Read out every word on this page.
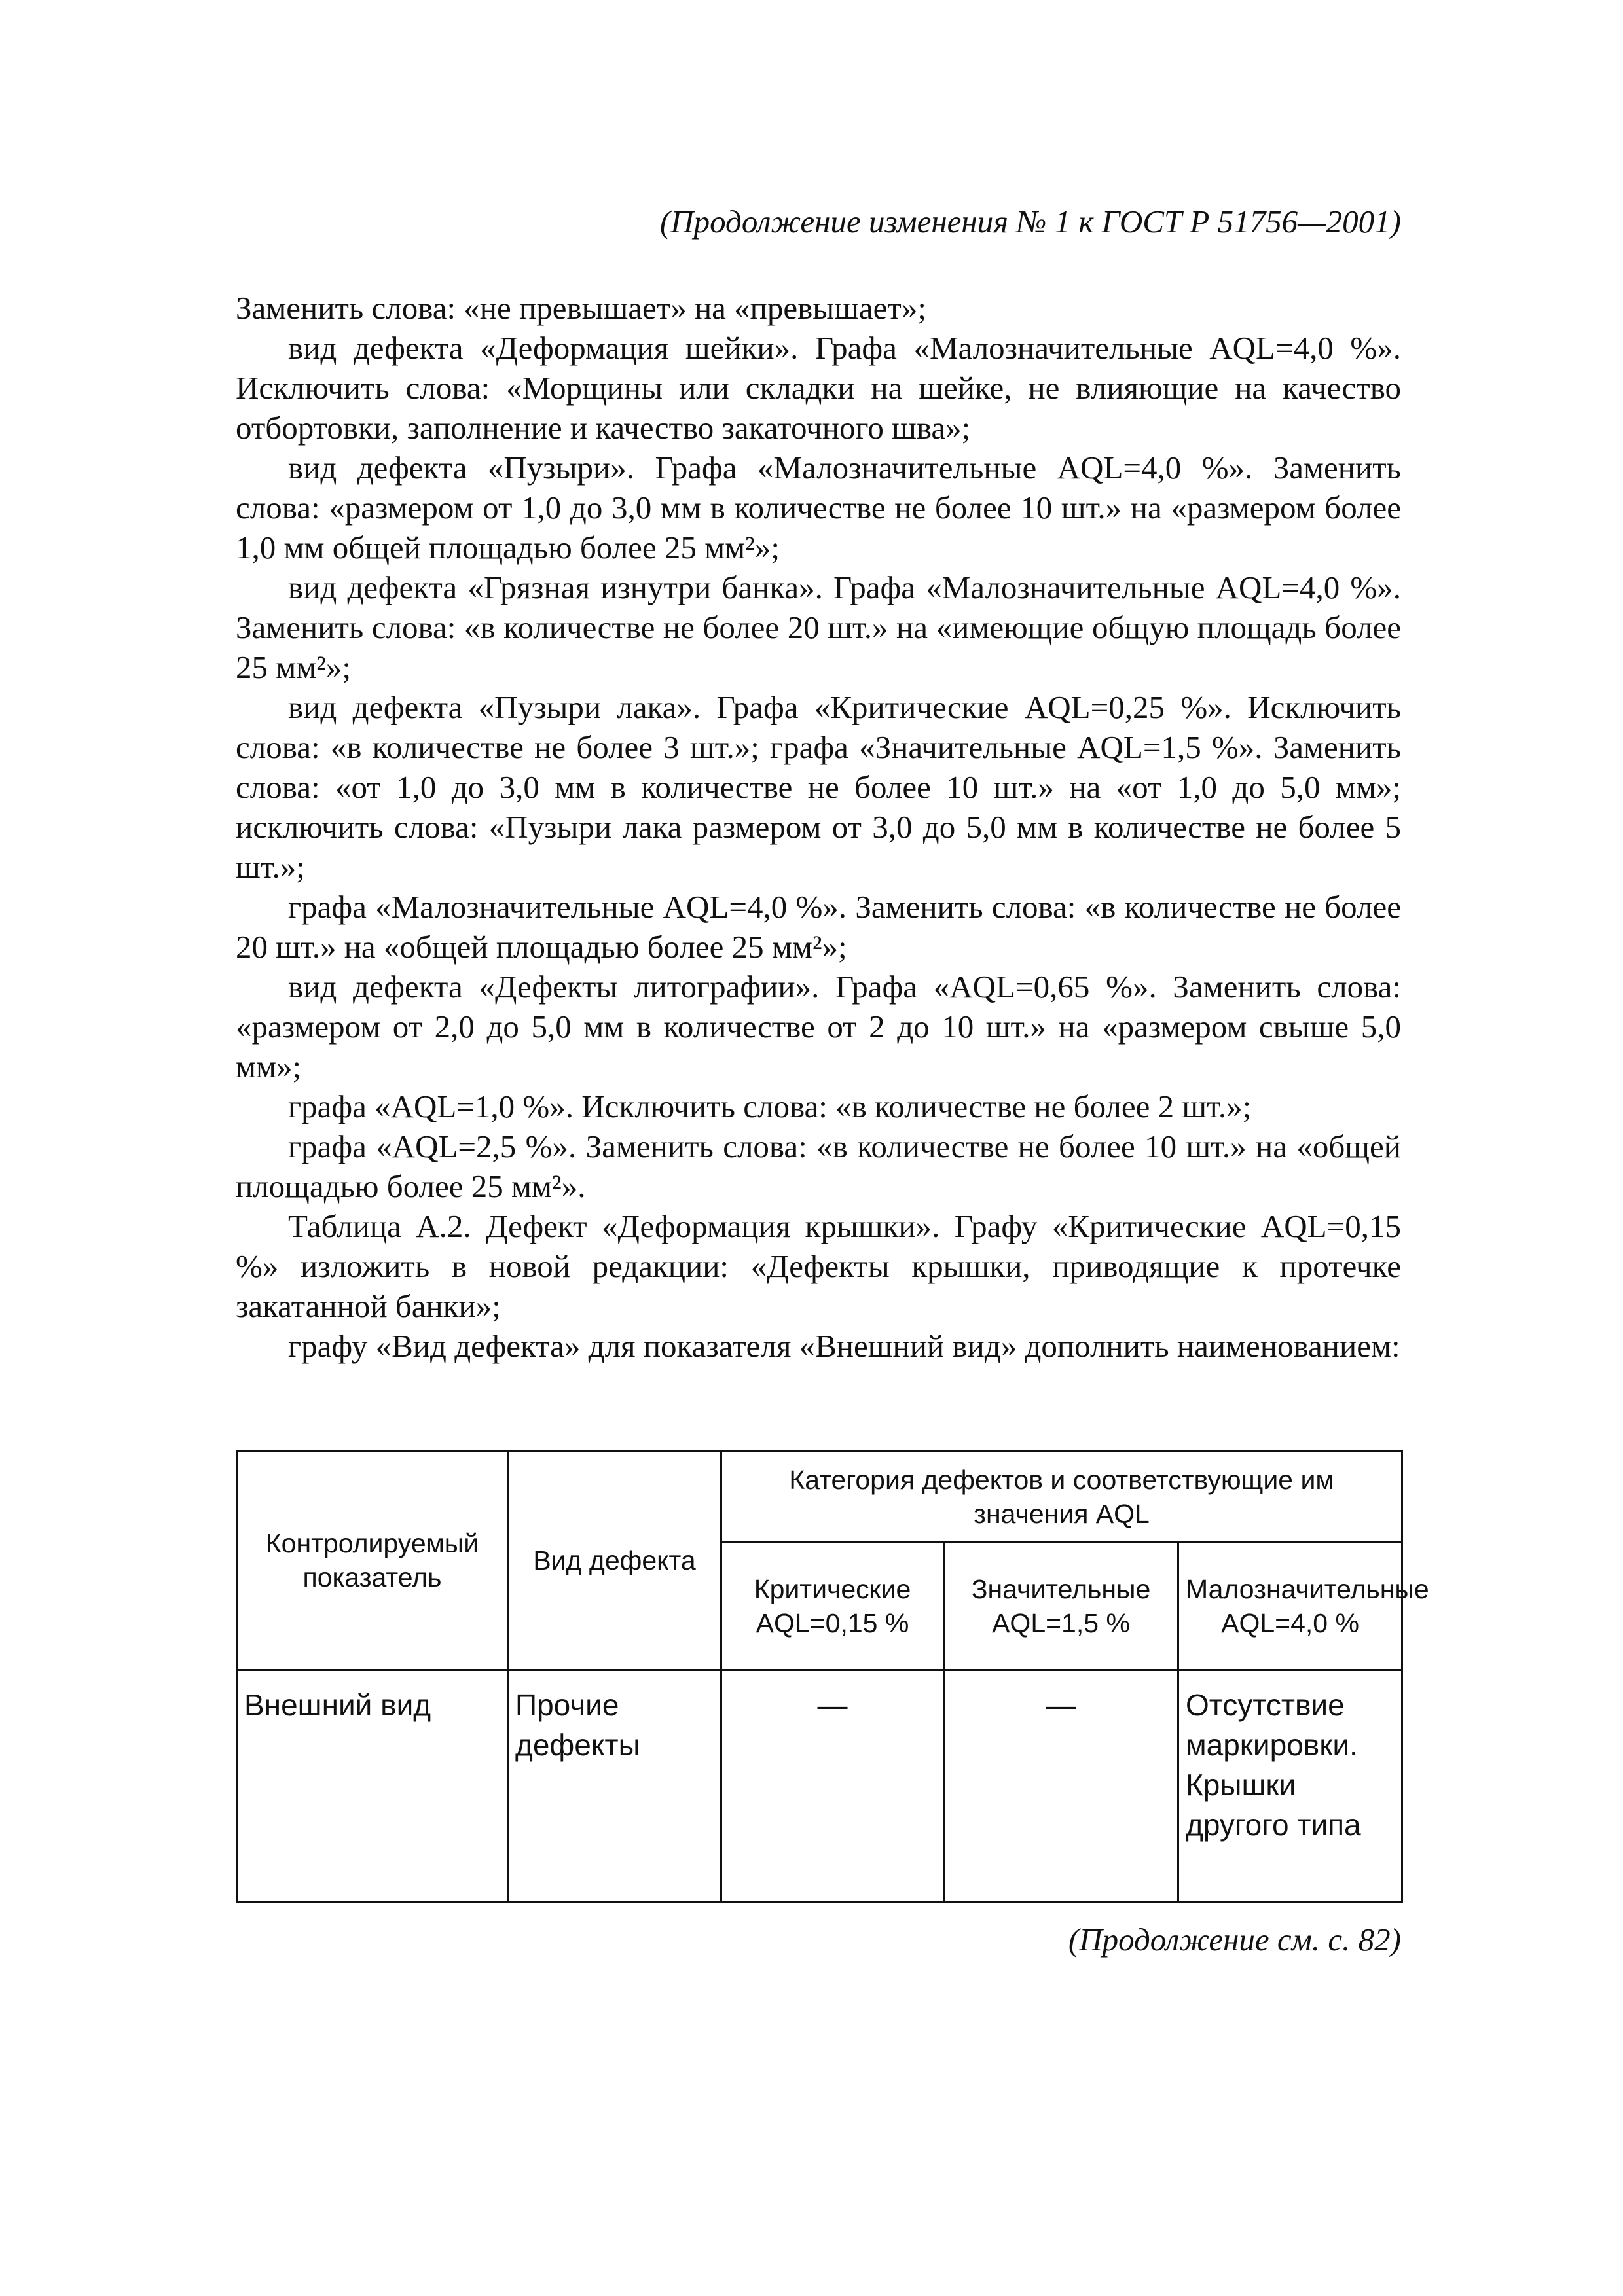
(Продолжение изменения № 1 к ГОСТ Р 51756—2001)

Заменить слова: «не превышает» на «превышает»;

вид дефекта «Деформация шейки». Графа «Малозначительные AQL=4,0 %». Исключить слова: «Морщины или складки на шейке, не влияющие на качество отбортовки, заполнение и качество закаточного шва»;

вид дефекта «Пузыри». Графа «Малозначительные AQL=4,0 %». Заменить слова: «размером от 1,0 до 3,0 мм в количестве не более 10 шт.» на «размером более 1,0 мм общей площадью более 25 мм²»;

вид дефекта «Грязная изнутри банка». Графа «Малозначительные AQL=4,0 %». Заменить слова: «в количестве не более 20 шт.» на «имеющие общую площадь более 25 мм²»;

вид дефекта «Пузыри лака». Графа «Критические AQL=0,25 %». Исключить слова: «в количестве не более 3 шт.»; графа «Значительные AQL=1,5 %». Заменить слова: «от 1,0 до 3,0 мм в количестве не более 10 шт.» на «от 1,0 до 5,0 мм»; исключить слова: «Пузыри лака размером от 3,0 до 5,0 мм в количестве не более 5 шт.»;

графа «Малозначительные AQL=4,0 %». Заменить слова: «в количестве не более 20 шт.» на «общей площадью более 25 мм²»;

вид дефекта «Дефекты литографии». Графа «AQL=0,65 %». Заменить слова: «размером от 2,0 до 5,0 мм в количестве от 2 до 10 шт.» на «размером свыше 5,0 мм»;

графа «AQL=1,0 %». Исключить слова: «в количестве не более 2 шт.»;

графа «AQL=2,5 %». Заменить слова: «в количестве не более 10 шт.» на «общей площадью более 25 мм²».

Таблица А.2. Дефект «Деформация крышки». Графу «Критические AQL=0,15 %» изложить в новой редакции: «Дефекты крышки, приводящие к протечке закатанной банки»;

графу «Вид дефекта» для показателя «Внешний вид» дополнить наименованием:

Контролируемый показатель	Вид дефекта	Категория дефектов и соответствующие им значения AQL		
		Критические AQL=0,15 %	Значительные AQL=1,5 %	Малозначительные AQL=4,0 %
Внешний вид	Прочие дефекты	—	—	Отсутствие маркировки. Крышки другого типа
(Продолжение см. с. 82)
